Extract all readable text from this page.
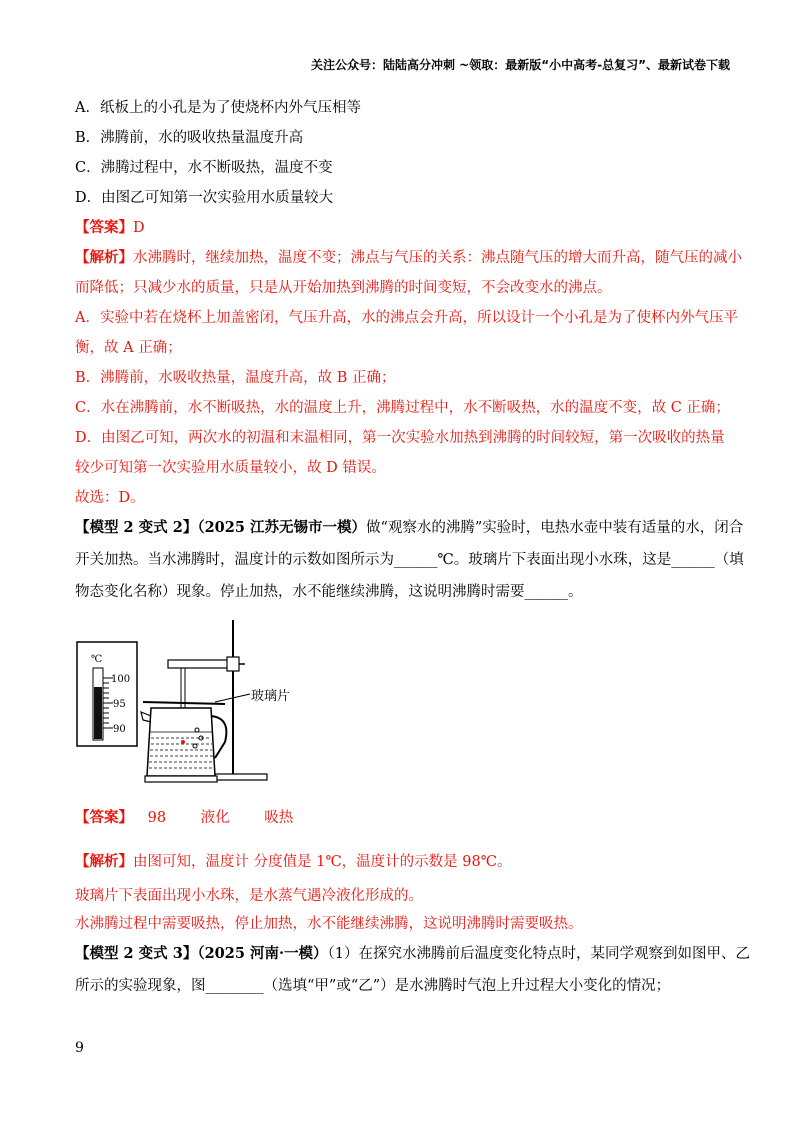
关注公众号：陆陆高分冲刺 ~领取：最新版“小中高考-总复习”、最新试卷下载
A．纸板上的小孔是为了使烧杯内外气压相等
B．沸腾前，水的吸收热量温度升高
C．沸腾过程中，水不断吸热，温度不变
D．由图乙可知第一次实验用水质量较大
【答案】D
【解析】水沸腾时，继续加热，温度不变；沸点与气压的关系：沸点随气压的增大而升高，随气压的减小
而降低；只减少水的质量，只是从开始加热到沸腾的时间变短，不会改变水的沸点。
A．实验中若在烧杯上加盖密闭，气压升高，水的沸点会升高，所以设计一个小孔是为了使杯内外气压平
衡，故 A 正确；
B．沸腾前，水吸收热量，温度升高，故 B 正确；
C．水在沸腾前，水不断吸热，水的温度上升，沸腾过程中，水不断吸热，水的温度不变，故 C 正确；
D．由图乙可知，两次水的初温和末温相同，第一次实验水加热到沸腾的时间较短，第一次吸收的热量
较少可知第一次实验用水质量较小，故 D 错误。
故选：D。
【模型 2 变式 2】（2025 江苏无锡市一模）做“观察水的沸腾”实验时，电热水壶中装有适量的水，闭合
开关加热。当水沸腾时，温度计的示数如图所示为______℃。玻璃片下表面出现小水珠，这是______（填
物态变化名称）现象。停止加热，水不能继续沸腾，这说明沸腾时需要______。
℃
100
95
90
玻璃片
【答案】 98 液化 吸热
【解析】由图可知，温度计 分度值是 1℃，温度计的示数是 98℃。
玻璃片下表面出现小水珠，是水蒸气遇冷液化形成的。
水沸腾过程中需要吸热，停止加热，水不能继续沸腾，这说明沸腾时需要吸热。
【模型 2 变式 3】（2025 河南·一模）（1）在探究水沸腾前后温度变化特点时，某同学观察到如图甲、乙
所示的实验现象，图________（选填“甲”或“乙”）是水沸腾时气泡上升过程大小变化的情况；
9
